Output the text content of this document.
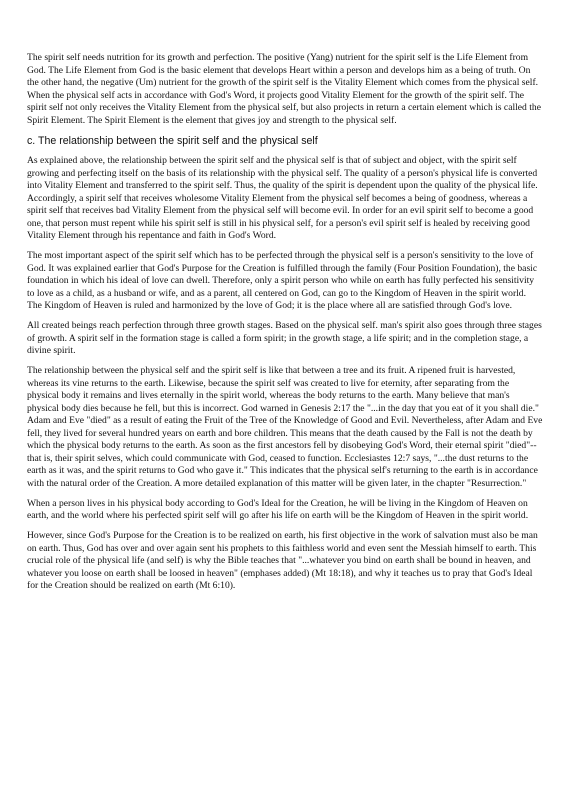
The spirit self needs nutrition for its growth and perfection. The positive (Yang) nutrient for the spirit self is the Life Element from God. The Life Element from God is the basic element that develops Heart within a person and develops him as a being of truth. On the other hand, the negative (Um) nutrient for the growth of the spirit self is the Vitality Element which comes from the physical self. When the physical self acts in accordance with God's Word, it projects good Vitality Element for the growth of the spirit self. The spirit self not only receives the Vitality Element from the physical self, but also projects in return a certain element which is called the Spirit Element. The Spirit Element is the element that gives joy and strength to the physical self.

c. The relationship between the spirit self and the physical self

As explained above, the relationship between the spirit self and the physical self is that of subject and object, with the spirit self growing and perfecting itself on the basis of its relationship with the physical self. The quality of a person's physical life is converted into Vitality Element and transferred to the spirit self. Thus, the quality of the spirit is dependent upon the quality of the physical life. Accordingly, a spirit self that receives wholesome Vitality Element from the physical self becomes a being of goodness, whereas a spirit self that receives bad Vitality Element from the physical self will become evil. In order for an evil spirit self to become a good one, that person must repent while his spirit self is still in his physical self, for a person's evil spirit self is healed by receiving good Vitality Element through his repentance and faith in God's Word.

The most important aspect of the spirit self which has to be perfected through the physical self is a person's sensitivity to the love of God. It was explained earlier that God's Purpose for the Creation is fulfilled through the family (Four Position Foundation), the basic foundation in which his ideal of love can dwell. Therefore, only a spirit person who while on earth has fully perfected his sensitivity to love as a child, as a husband or wife, and as a parent, all centered on God, can go to the Kingdom of Heaven in the spirit world. The Kingdom of Heaven is ruled and harmonized by the love of God; it is the place where all are satisfied through God's love.

All created beings reach perfection through three growth stages. Based on the physical self. man's spirit also goes through three stages of growth. A spirit self in the formation stage is called a form spirit; in the growth stage, a life spirit; and in the completion stage, a divine spirit.

The relationship between the physical self and the spirit self is like that between a tree and its fruit. A ripened fruit is harvested, whereas its vine returns to the earth. Likewise, because the spirit self was created to live for eternity, after separating from the physical body it remains and lives eternally in the spirit world, whereas the body returns to the earth. Many believe that man's physical body dies because he fell, but this is incorrect. God warned in Genesis 2:17 the "...in the day that you eat of it you shall die." Adam and Eve "died" as a result of eating the Fruit of the Tree of the Knowledge of Good and Evil. Nevertheless, after Adam and Eve fell, they lived for several hundred years on earth and bore children. This means that the death caused by the Fall is not the death by which the physical body returns to the earth. As soon as the first ancestors fell by disobeying God's Word, their eternal spirit "died"--that is, their spirit selves, which could communicate with God, ceased to function. Ecclesiastes 12:7 says, "...the dust returns to the earth as it was, and the spirit returns to God who gave it." This indicates that the physical self's returning to the earth is in accordance with the natural order of the Creation. A more detailed explanation of this matter will be given later, in the chapter "Resurrection."

When a person lives in his physical body according to God's Ideal for the Creation, he will be living in the Kingdom of Heaven on earth, and the world where his perfected spirit self will go after his life on earth will be the Kingdom of Heaven in the spirit world.

However, since God's Purpose for the Creation is to be realized on earth, his first objective in the work of salvation must also be man on earth. Thus, God has over and over again sent his prophets to this faithless world and even sent the Messiah himself to earth. This crucial role of the physical life (and self) is why the Bible teaches that "...whatever you bind on earth shall be bound in heaven, and whatever you loose on earth shall be loosed in heaven" (emphases added) (Mt 18:18), and why it teaches us to pray that God's Ideal for the Creation should be realized on earth (Mt 6:10).
